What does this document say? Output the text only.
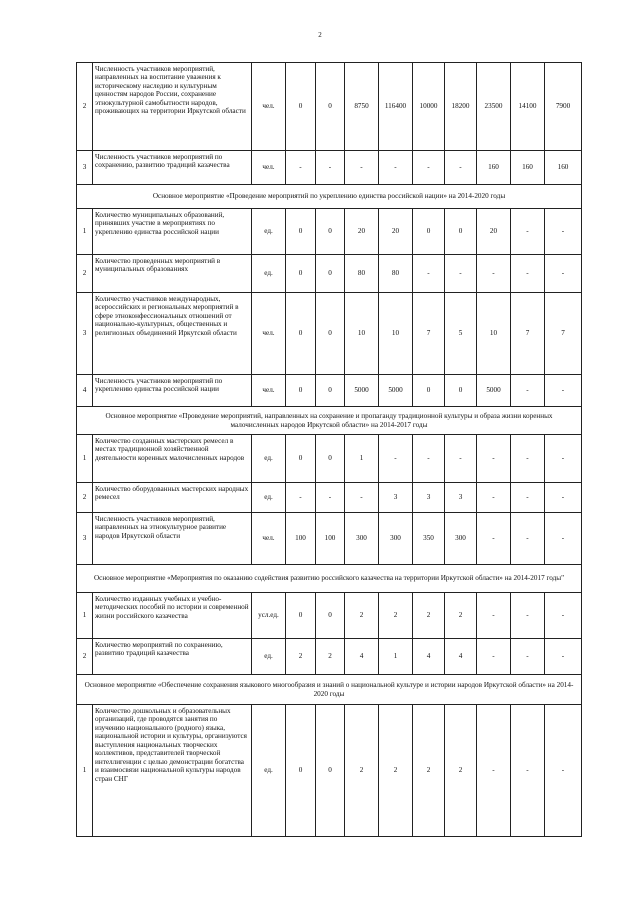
2
2	Численность участников мероприятий, направленных на воспитание уважения к историческому наследию и культурным ценностям народов России, сохранение этнокультурной самобытности народов, проживающих на территории Иркутской области	чел.	0	0	8750	116400	10000	18200	23500	14100	7900
3	Численность участников мероприятий по сохранению, развитию традиций казачества	чел.	-	-	-	-	-	-	160	160	160
Основное мероприятие «Проведение мероприятий по укреплению единства российской нации» на 2014-2020 годы											
1	Количество муниципальных образований, принявших участие в мероприятиях по укреплению единства российской нации	ед.	0	0	20	20	0	0	20	-	-
2	Количество проведенных мероприятий в муниципальных образованиях	ед.	0	0	80	80	-	-	-	-	-
3	Количество участников международных, всероссийских и региональных мероприятий в сфере этноконфессиональных отношений от национально-культурных, общественных и религиозных объединений Иркутской области	чел.	0	0	10	10	7	5	10	7	7
4	Численность участников мероприятий по укреплению единства российской нации	чел.	0	0	5000	5000	0	0	5000	-	-
Основное мероприятие «Проведение мероприятий, направленных на сохранение и пропаганду традиционной культуры и образа жизни коренных малочисленных народов Иркутской области» на 2014-2017 годы											
1	Количество созданных мастерских ремесел в местах традиционной хозяйственной деятельности коренных малочисленных народов	ед.	0	0	1	-	-	-	-	-	-
2	Количество оборудованных мастерских народных ремесел	ед.	-	-	-	3	3	3	-	-	-
3	Численность участников мероприятий, направленных на этнокультурное развитие народов Иркутской области	чел.	100	100	300	300	350	300	-	-	-
Основное мероприятие «Мероприятия по оказанию содействия развитию российского казачества на территории Иркутской области» на 2014-2017 годы"											
1	Количество изданных учебных и учебно-методических пособий по истории и современной жизни российского казачества	усл.ед.	0	0	2	2	2	2	-	-	-
2	Количество мероприятий по сохранению, развитию традиций казачества	ед.	2	2	4	1	4	4	-	-	-
Основное мероприятие «Обеспечение сохранения языкового многообразия и знаний о национальной культуре и истории народов Иркутской области» на 2014-2020 годы											
1	Количество дошкольных и образовательных организаций, где проводятся занятия по изучению национального (родного) языка, национальной истории и культуры, организуются выступления национальных творческих коллективов, представителей творческой интеллигенции с целью демонстрации богатства и взаимосвязи национальной культуры народов стран СНГ	ед.	0	0	2	2	2	2	-	-	-
